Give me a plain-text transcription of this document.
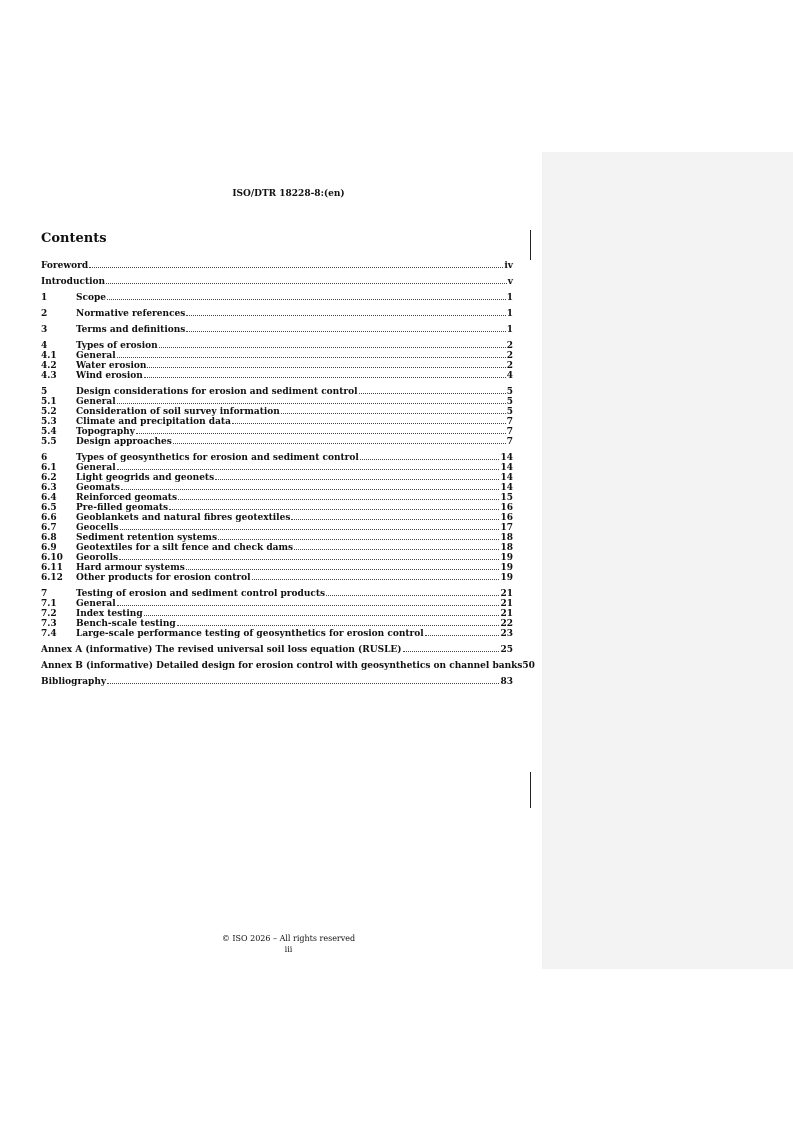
ISO/DTR 18228-8:(en)
Contents
Foreword	iv
Introduction	v
1	Scope	1
2	Normative references	1
3	Terms and definitions	1
4	Types of erosion	2
4.1	General	2
4.2	Water erosion	2
4.3	Wind erosion	4
5	Design considerations for erosion and sediment control	5
5.1	General	5
5.2	Consideration of soil survey information	5
5.3	Climate and precipitation data	7
5.4	Topography	7
5.5	Design approaches	7
6	Types of geosynthetics for erosion and sediment control	14
6.1	General	14
6.2	Light geogrids and geonets	14
6.3	Geomats	14
6.4	Reinforced geomats	15
6.5	Pre-filled geomats	16
6.6	Geoblankets and natural fibres geotextiles	16
6.7	Geocells	17
6.8	Sediment retention systems	18
6.9	Geotextiles for a silt fence and check dams	18
6.10	Georolls	19
6.11	Hard armour systems	19
6.12	Other products for erosion control	19
7	Testing of erosion and sediment control products	21
7.1	General	21
7.2	Index testing	21
7.3	Bench-scale testing	22
7.4	Large-scale performance testing of geosynthetics for erosion control	23
Annex A (informative) The revised universal soil loss equation (RUSLE)	25
Annex B (informative) Detailed design for erosion control with geosynthetics on channel banks 50
Bibliography	83
© ISO 2026 – All rights reserved
iii
